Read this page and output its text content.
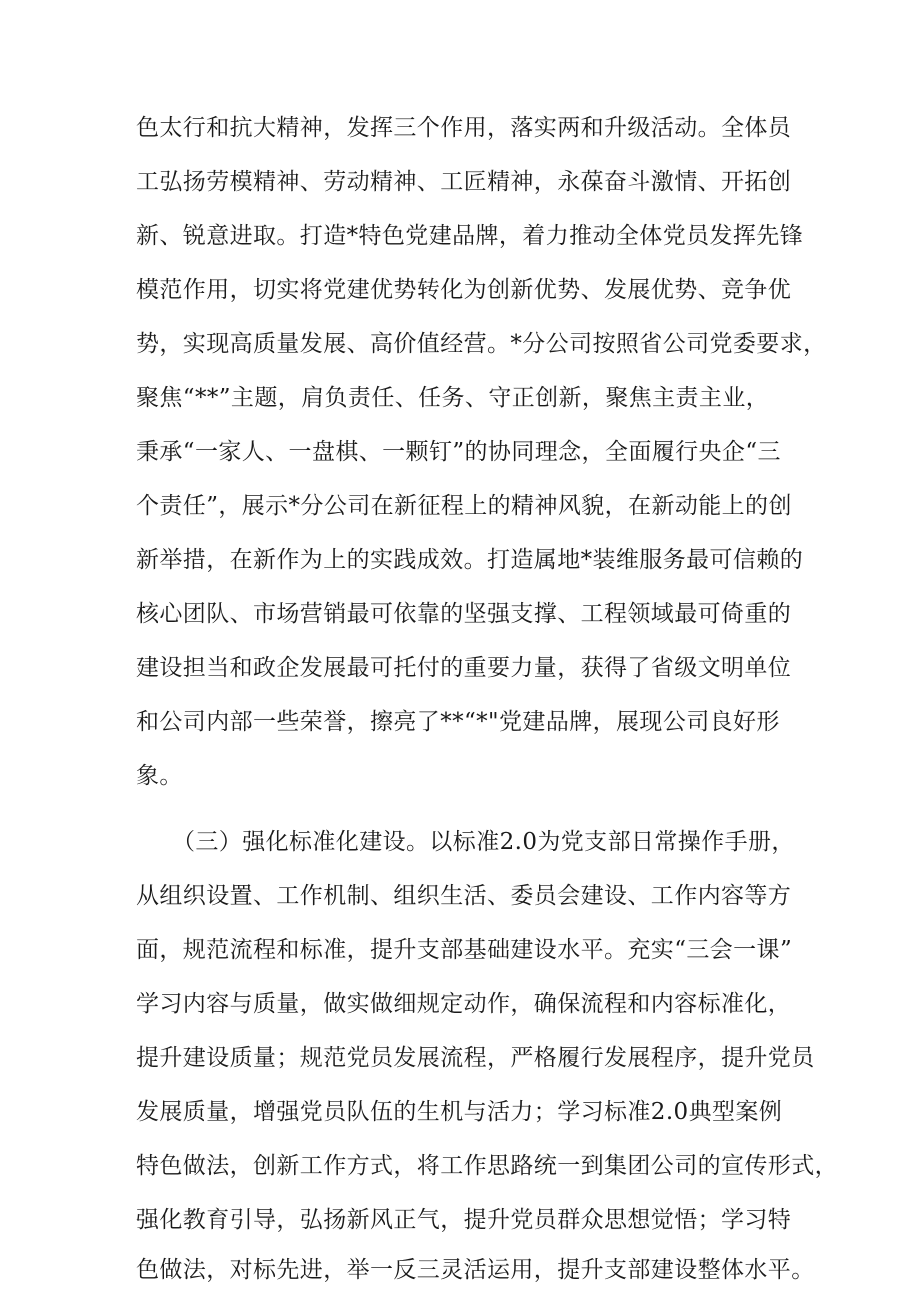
色太行和抗大精神，发挥三个作用，落实两和升级活动。全体员

工弘扬劳模精神、劳动精神、工匠精神，永葆奋斗激情、开拓创

新、锐意进取。打造*特色党建品牌，着力推动全体党员发挥先锋

模范作用，切实将党建优势转化为创新优势、发展优势、竞争优

势，实现高质量发展、高价值经营。*分公司按照省公司党委要求，

聚焦“**”主题，肩负责任、任务、守正创新，聚焦主责主业，

秉承“一家人、一盘棋、一颗钉”的协同理念，全面履行央企“三

个责任”，展示*分公司在新征程上的精神风貌，在新动能上的创

新举措，在新作为上的实践成效。打造属地*装维服务最可信赖的

核心团队、市场营销最可依靠的坚强支撑、工程领域最可倚重的

建设担当和政企发展最可托付的重要力量，获得了省级文明单位

和公司内部一些荣誉，擦亮了**“*"党建品牌，展现公司良好形

象。

（三）强化标准化建设。以标准2.0为党支部日常操作手册，

从组织设置、工作机制、组织生活、委员会建设、工作内容等方

面，规范流程和标准，提升支部基础建设水平。充实“三会一课”

学习内容与质量，做实做细规定动作，确保流程和内容标准化，

提升建设质量；规范党员发展流程，严格履行发展程序，提升党员

发展质量，增强党员队伍的生机与活力；学习标准2.0典型案例

特色做法，创新工作方式，将工作思路统一到集团公司的宣传形式，

强化教育引导，弘扬新风正气，提升党员群众思想觉悟；学习特

色做法，对标先进，举一反三灵活运用，提升支部建设整体水平。
